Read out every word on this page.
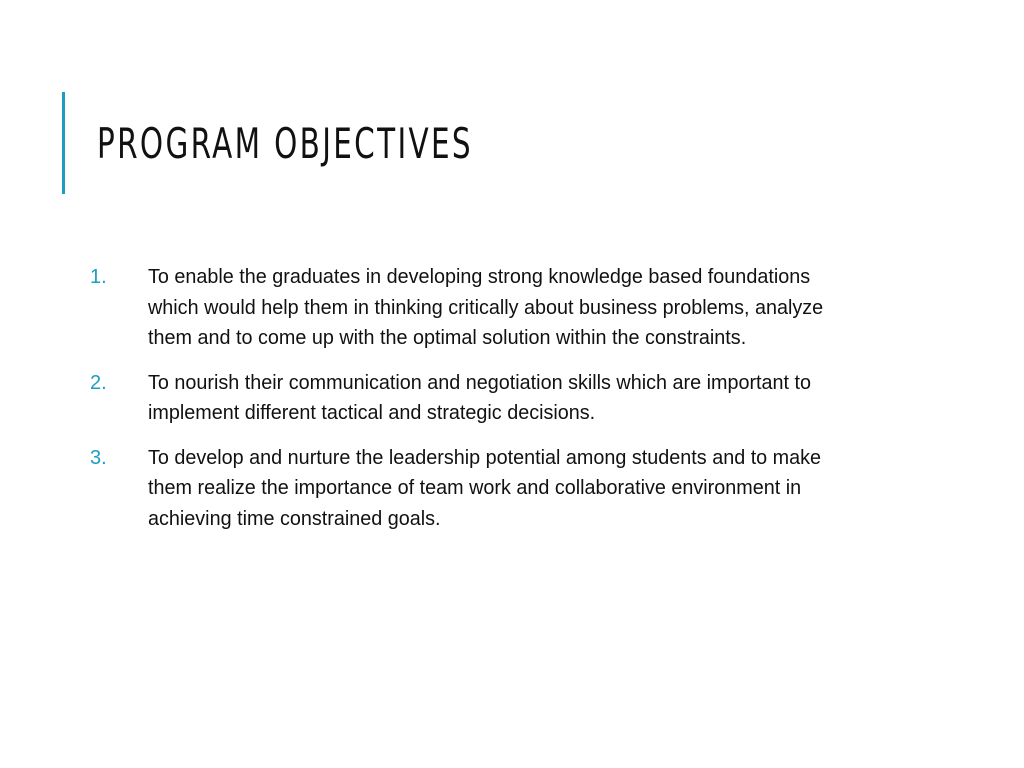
PROGRAM OBJECTIVES
1.	To enable the graduates in developing strong knowledge based foundations which would help them in thinking critically about business problems, analyze them and to come up with the optimal solution within the constraints.
2.	To nourish their communication and negotiation skills which are important to implement different tactical and strategic decisions.
3.	To develop and nurture the leadership potential among students and to make them realize the importance of team work and collaborative environment in achieving time constrained goals.
